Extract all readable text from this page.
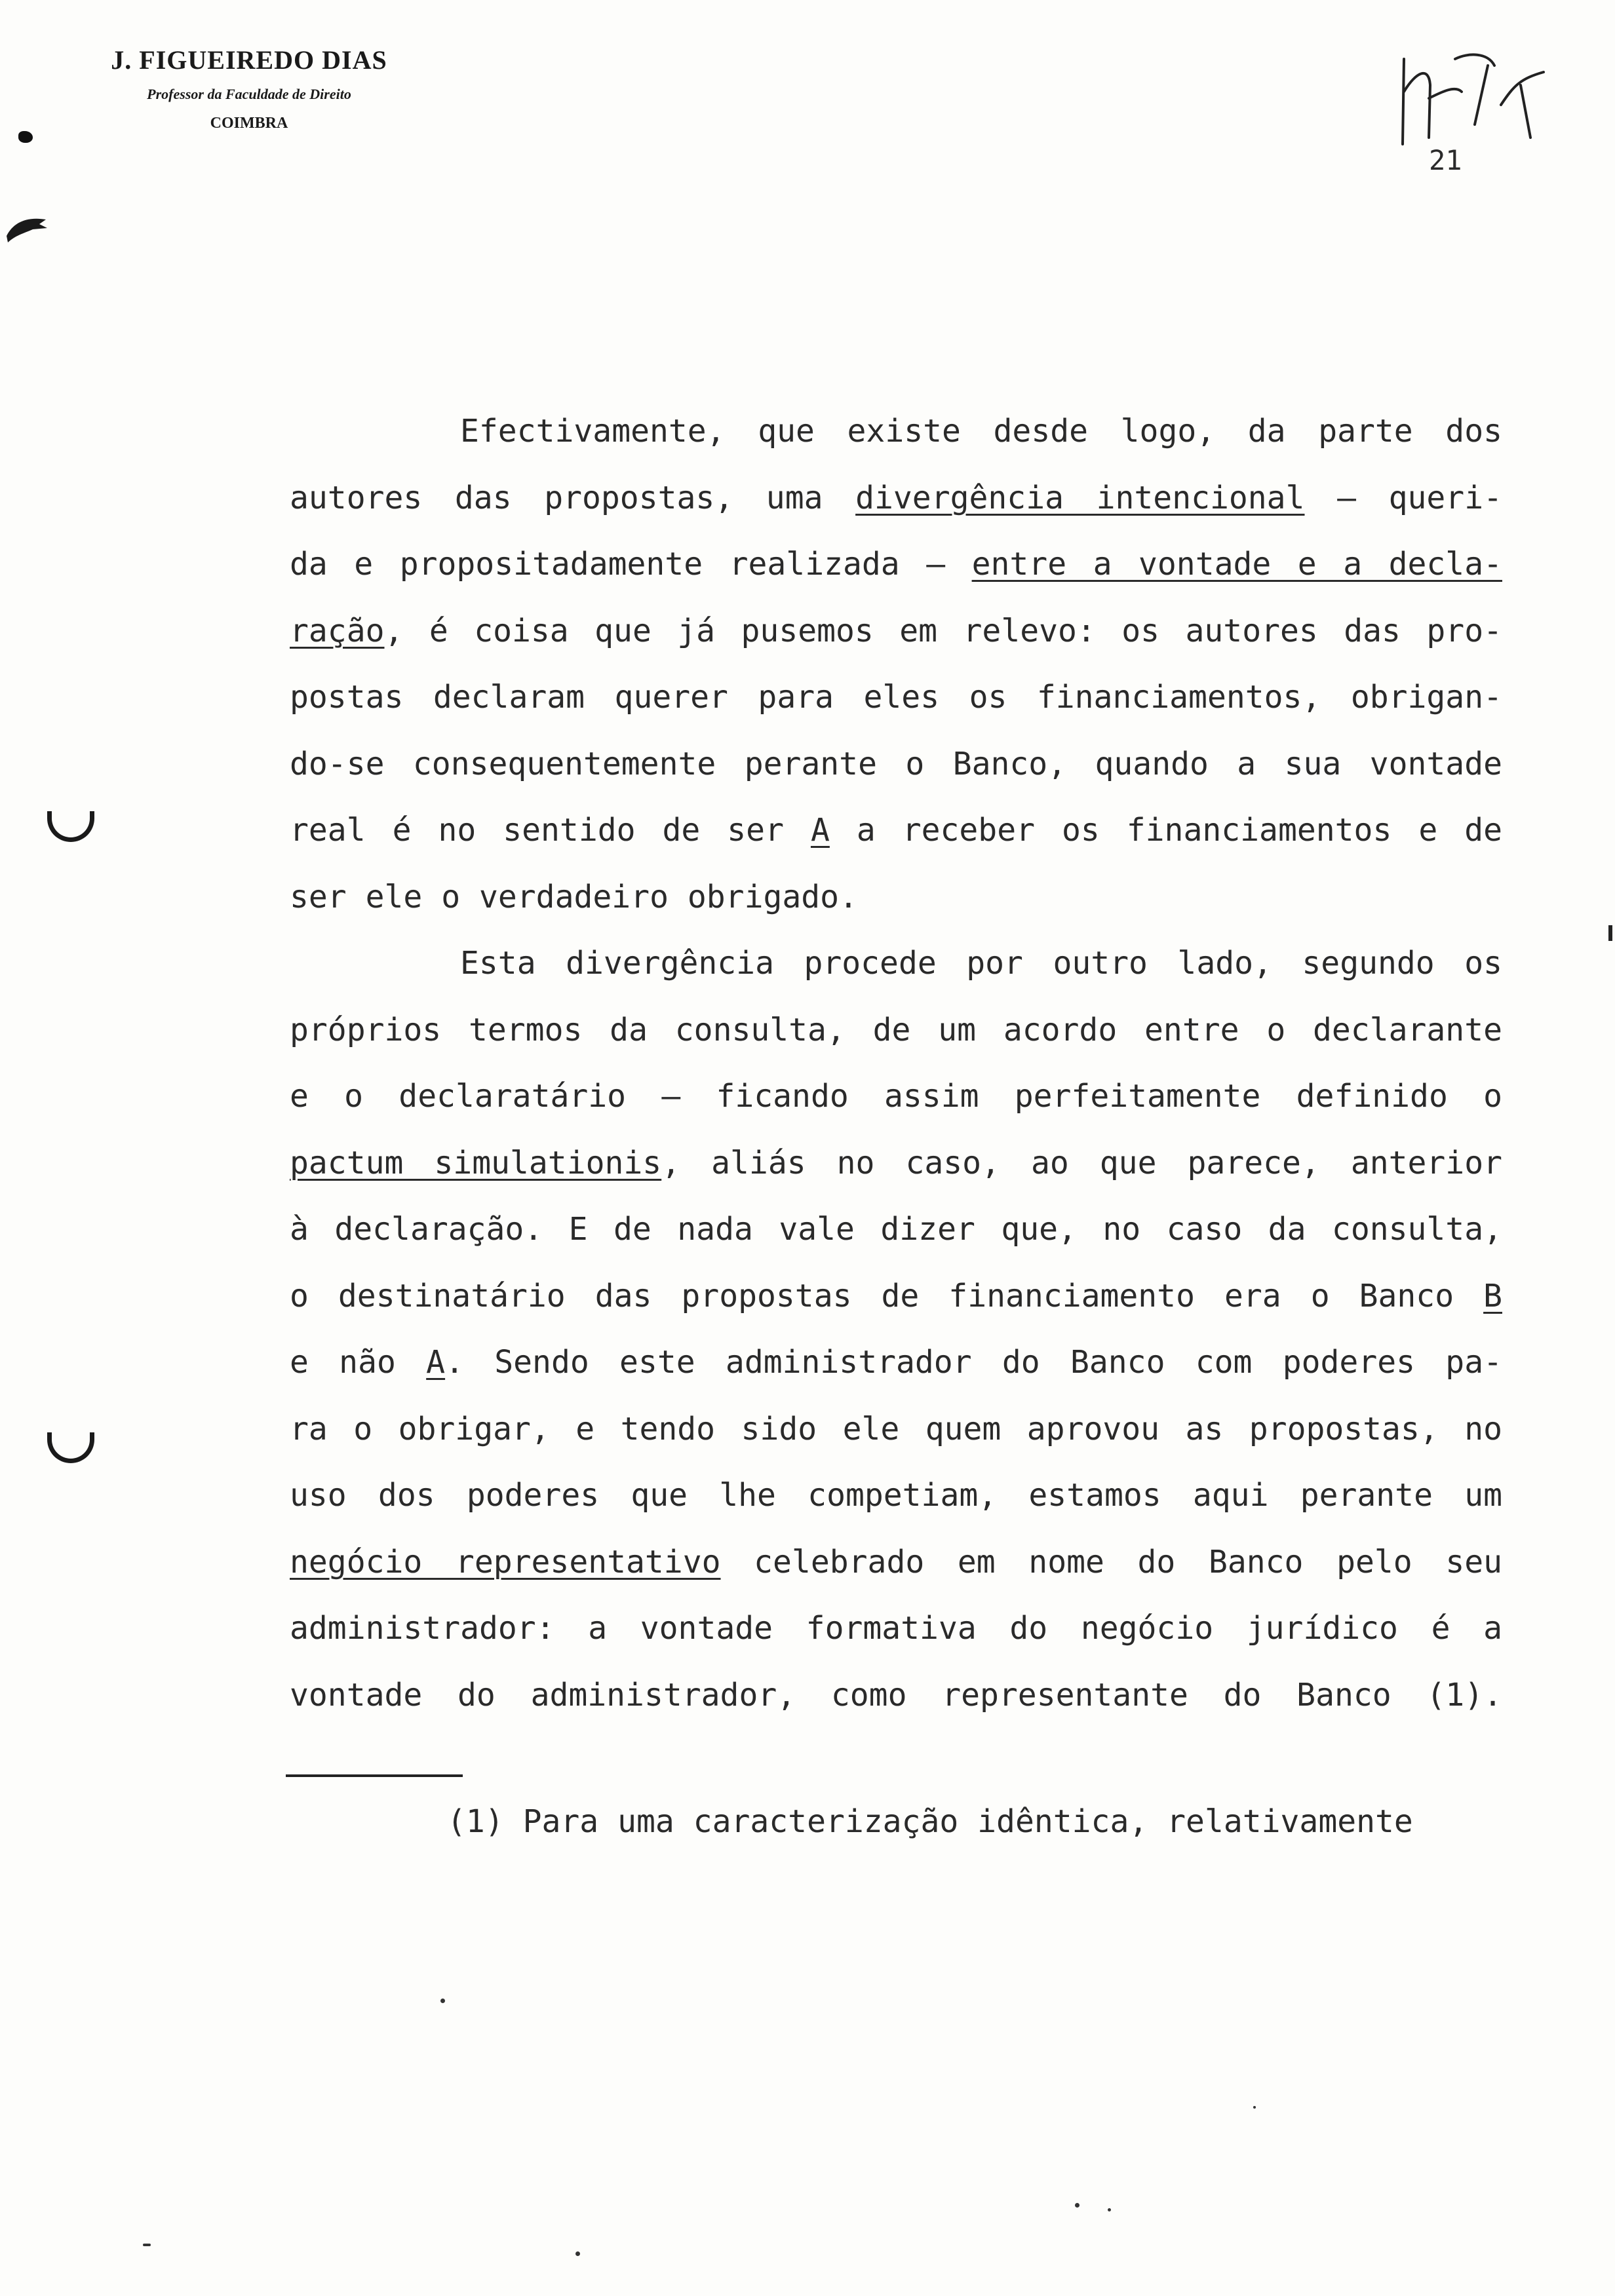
J. FIGUEIREDO DIAS
Professor da Faculdade de Direito
COIMBRA
21
Efectivamente, que existe desde logo, da parte dos
autores das propostas, uma divergência intencional — queri-
da e propositadamente realizada — entre a vontade e a decla-
ração, é coisa que já pusemos em relevo: os autores das pro-
postas declaram querer para eles os financiamentos, obrigan-
do-se consequentemente perante o Banco, quando a sua vontade
real é no sentido de ser A a receber os financiamentos e de
ser ele o verdadeiro obrigado.
Esta divergência procede por outro lado, segundo os
próprios termos da consulta, de um acordo entre o declarante
e o declaratário — ficando assim perfeitamente definido o
pactum simulationis, aliás no caso, ao que parece, anterior
à declaração. E de nada vale dizer que, no caso da consulta,
o destinatário das propostas de financiamento era o Banco B
e não A. Sendo este administrador do Banco com poderes pa-
ra o obrigar, e tendo sido ele quem aprovou as propostas, no
uso dos poderes que lhe competiam, estamos aqui perante um
negócio representativo celebrado em nome do Banco pelo seu
administrador: a vontade formativa do negócio jurídico é a
vontade do administrador, como representante do Banco (1).
(1) Para uma caracterização idêntica, relativamente
